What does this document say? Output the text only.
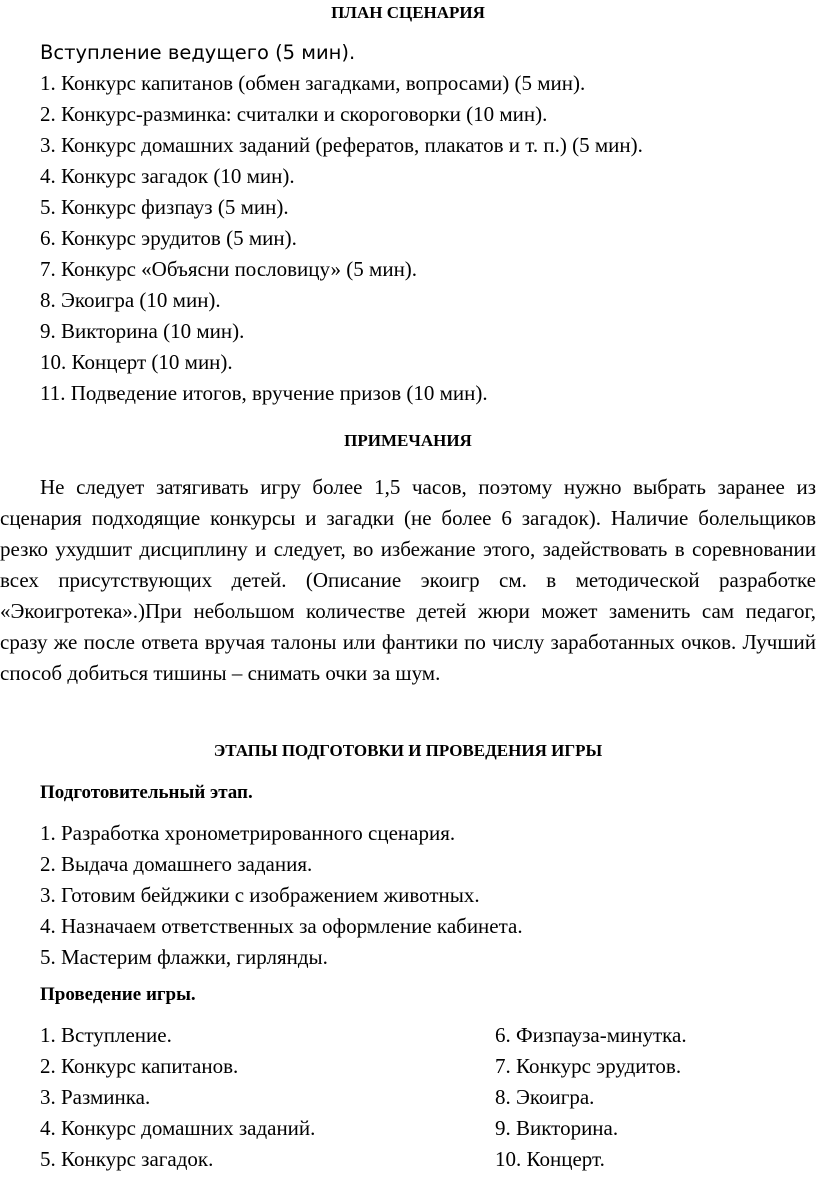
ПЛАН СЦЕНАРИЯ
Вступление ведущего (5 мин).
1. Конкурс капитанов (обмен загадками, вопросами) (5 мин).
2. Конкурс-разминка: считалки и скороговорки (10 мин).
3. Конкурс домашних заданий (рефератов, плакатов и т. п.) (5 мин).
4. Конкурс загадок (10 мин).
5. Конкурс физпауз (5 мин).
6. Конкурс эрудитов (5 мин).
7. Конкурс «Объясни пословицу» (5 мин).
8. Экоигра (10 мин).
9. Викторина (10 мин).
10. Концерт (10 мин).
11. Подведение итогов, вручение призов (10 мин).
ПРИМЕЧАНИЯ

Не следует затягивать игру более 1,5 часов, поэтому нужно выбрать заранее из сценария подходящие конкурсы и загадки (не более 6 загадок). Наличие болельщиков резко ухудшит дисциплину и следует, во избежание этого, задействовать в соревновании всех присутствующих детей. (Описание экоигр см. в методической разработке «Экоигротека».)При небольшом количестве детей жюри может заменить сам педагог, сразу же после ответа вручая талоны или фантики по числу заработанных очков. Лучший способ добиться тишины – снимать очки за шум.

ЭТАПЫ ПОДГОТОВКИ И ПРОВЕДЕНИЯ ИГРЫ
Подготовительный этап.
1. Разработка хронометрированного сценария.
2. Выдача домашнего задания.
3. Готовим бейджики с изображением животных.
4. Назначаем ответственных за оформление кабинета.
5. Мастерим флажки, гирлянды.
Проведение игры.
1. Вступление.
2. Конкурс капитанов.
3. Разминка.
4. Конкурс домашних заданий.
5. Конкурс загадок.
6. Физпауза-минутка.
7. Конкурс эрудитов.
8. Экоигра.
9. Викторина.
10. Концерт.
